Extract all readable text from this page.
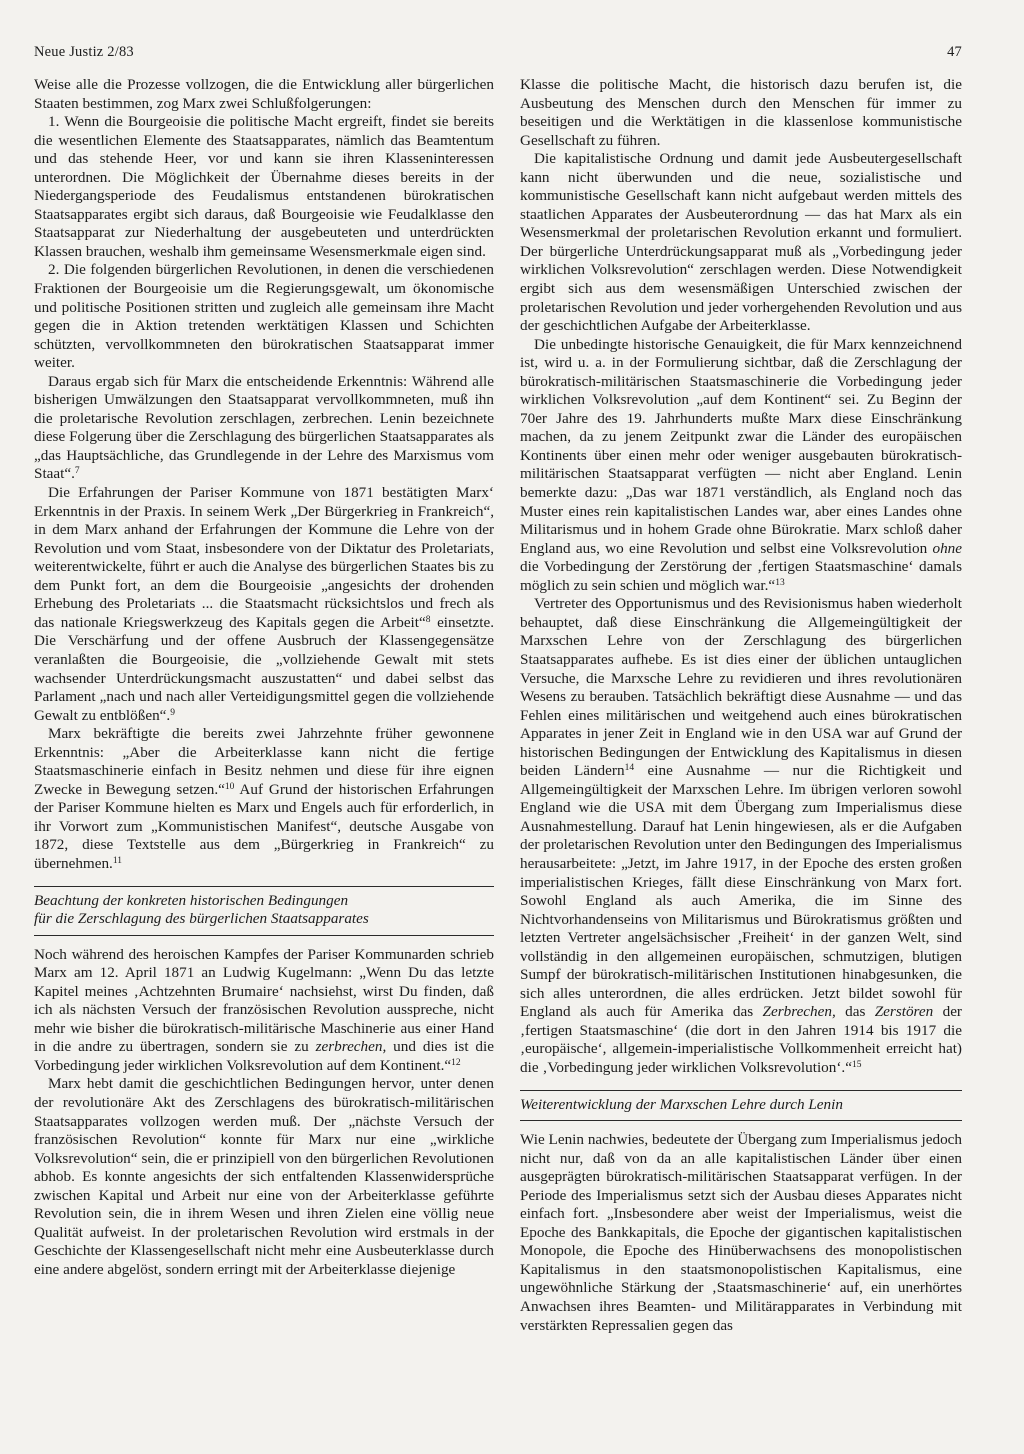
Neue Justiz 2/83	47

Weise alle die Prozesse vollzogen, die die Entwicklung aller bürgerlichen Staaten bestimmen, zog Marx zwei Schlußfolgerungen:

1. Wenn die Bourgeoisie die politische Macht ergreift, findet sie bereits die wesentlichen Elemente des Staatsapparates, nämlich das Beamtentum und das stehende Heer, vor und kann sie ihren Klasseninteressen unterordnen. Die Möglichkeit der Übernahme dieses bereits in der Niedergangsperiode des Feudalismus entstandenen bürokratischen Staatsapparates ergibt sich daraus, daß Bourgeoisie wie Feudalklasse den Staatsapparat zur Niederhaltung der ausgebeuteten und unterdrückten Klassen brauchen, weshalb ihm gemeinsame Wesensmerkmale eigen sind.

2. Die folgenden bürgerlichen Revolutionen, in denen die verschiedenen Fraktionen der Bourgeoisie um die Regierungsgewalt, um ökonomische und politische Positionen stritten und zugleich alle gemeinsam ihre Macht gegen die in Aktion tretenden werktätigen Klassen und Schichten schützten, vervollkommneten den bürokratischen Staatsapparat immer weiter.

Daraus ergab sich für Marx die entscheidende Erkenntnis: Während alle bisherigen Umwälzungen den Staatsapparat vervollkommneten, muß ihn die proletarische Revolution zerschlagen, zerbrechen. Lenin bezeichnete diese Folgerung über die Zerschlagung des bürgerlichen Staatsapparates als „das Hauptsächliche, das Grundlegende in der Lehre des Marxismus vom Staat“.$^7$

Die Erfahrungen der Pariser Kommune von 1871 bestätigten Marx‘ Erkenntnis in der Praxis. In seinem Werk „Der Bürgerkrieg in Frankreich“, in dem Marx anhand der Erfahrungen der Kommune die Lehre von der Revolution und vom Staat, insbesondere von der Diktatur des Proletariats, weiterentwickelte, führt er auch die Analyse des bürgerlichen Staates bis zu dem Punkt fort, an dem die Bourgeoisie „angesichts der drohenden Erhebung des Proletariats ... die Staatsmacht rücksichtslos und frech als das nationale Kriegswerkzeug des Kapitals gegen die Arbeit“$^8$ einsetzte. Die Verschärfung und der offene Ausbruch der Klassengegensätze veranlaßten die Bourgeoisie, die „vollziehende Gewalt mit stets wachsender Unterdrückungsmacht auszustatten“ und dabei selbst das Parlament „nach und nach aller Verteidigungsmittel gegen die vollziehende Gewalt zu entblößen“.$^9$

Marx bekräftigte die bereits zwei Jahrzehnte früher gewonnene Erkenntnis: „Aber die Arbeiterklasse kann nicht die fertige Staatsmaschinerie einfach in Besitz nehmen und diese für ihre eignen Zwecke in Bewegung setzen.“$^{10}$ Auf Grund der historischen Erfahrungen der Pariser Kommune hielten es Marx und Engels auch für erforderlich, in ihr Vorwort zum „Kommunistischen Manifest“, deutsche Ausgabe von 1872, diese Textstelle aus dem „Bürgerkrieg in Frankreich“ zu übernehmen.$^{11}$

Beachtung der konkreten historischen Bedingungen
für die Zerschlagung des bürgerlichen Staatsapparates

Noch während des heroischen Kampfes der Pariser Kommunarden schrieb Marx am 12. April 1871 an Ludwig Kugelmann: „Wenn Du das letzte Kapitel meines ‚Achtzehnten Brumaire‘ nachsiehst, wirst Du finden, daß ich als nächsten Versuch der französischen Revolution ausspreche, nicht mehr wie bisher die bürokratisch-militärische Maschinerie aus einer Hand in die andre zu übertragen, sondern sie zu zerbrechen, und dies ist die Vorbedingung jeder wirklichen Volksrevolution auf dem Kontinent.“$^{12}$

Marx hebt damit die geschichtlichen Bedingungen hervor, unter denen der revolutionäre Akt des Zerschlagens des bürokratisch-militärischen Staatsapparates vollzogen werden muß. Der „nächste Versuch der französischen Revolution“ konnte für Marx nur eine „wirkliche Volksrevolution“ sein, die er prinzipiell von den bürgerlichen Revolutionen abhob. Es konnte angesichts der sich entfaltenden Klassenwidersprüche zwischen Kapital und Arbeit nur eine von der Arbeiterklasse geführte Revolution sein, die in ihrem Wesen und ihren Zielen eine völlig neue Qualität aufweist. In der proletarischen Revolution wird erstmals in der Geschichte der Klassengesellschaft nicht mehr eine Ausbeuterklasse durch eine andere abgelöst, sondern erringt mit der Arbeiterklasse diejenige

Klasse die politische Macht, die historisch dazu berufen ist, die Ausbeutung des Menschen durch den Menschen für immer zu beseitigen und die Werktätigen in die klassenlose kommunistische Gesellschaft zu führen.

Die kapitalistische Ordnung und damit jede Ausbeutergesellschaft kann nicht überwunden und die neue, sozialistische und kommunistische Gesellschaft kann nicht aufgebaut werden mittels des staatlichen Apparates der Ausbeuterordnung — das hat Marx als ein Wesensmerkmal der proletarischen Revolution erkannt und formuliert. Der bürgerliche Unterdrückungsapparat muß als „Vorbedingung jeder wirklichen Volksrevolution“ zerschlagen werden. Diese Notwendigkeit ergibt sich aus dem wesensmäßigen Unterschied zwischen der proletarischen Revolution und jeder vorhergehenden Revolution und aus der geschichtlichen Aufgabe der Arbeiterklasse.

Die unbedingte historische Genauigkeit, die für Marx kennzeichnend ist, wird u. a. in der Formulierung sichtbar, daß die Zerschlagung der bürokratisch-militärischen Staatsmaschinerie die Vorbedingung jeder wirklichen Volksrevolution „auf dem Kontinent“ sei. Zu Beginn der 70er Jahre des 19. Jahrhunderts mußte Marx diese Einschränkung machen, da zu jenem Zeitpunkt zwar die Länder des europäischen Kontinents über einen mehr oder weniger ausgebauten bürokratisch-militärischen Staatsapparat verfügten — nicht aber England. Lenin bemerkte dazu: „Das war 1871 verständlich, als England noch das Muster eines rein kapitalistischen Landes war, aber eines Landes ohne Militarismus und in hohem Grade ohne Bürokratie. Marx schloß daher England aus, wo eine Revolution und selbst eine Volksrevolution ohne die Vorbedingung der Zerstörung der ‚fertigen Staatsmaschine‘ damals möglich zu sein schien und möglich war.“$^{13}$

Vertreter des Opportunismus und des Revisionismus haben wiederholt behauptet, daß diese Einschränkung die Allgemeingültigkeit der Marxschen Lehre von der Zerschlagung des bürgerlichen Staatsapparates aufhebe. Es ist dies einer der üblichen untauglichen Versuche, die Marxsche Lehre zu revidieren und ihres revolutionären Wesens zu berauben. Tatsächlich bekräftigt diese Ausnahme — und das Fehlen eines militärischen und weitgehend auch eines bürokratischen Apparates in jener Zeit in England wie in den USA war auf Grund der historischen Bedingungen der Entwicklung des Kapitalismus in diesen beiden Ländern$^{14}$ eine Ausnahme — nur die Richtigkeit und Allgemeingültigkeit der Marxschen Lehre. Im übrigen verloren sowohl England wie die USA mit dem Übergang zum Imperialismus diese Ausnahmestellung. Darauf hat Lenin hingewiesen, als er die Aufgaben der proletarischen Revolution unter den Bedingungen des Imperialismus herausarbeitete: „Jetzt, im Jahre 1917, in der Epoche des ersten großen imperialistischen Krieges, fällt diese Einschränkung von Marx fort. Sowohl England als auch Amerika, die im Sinne des Nichtvorhandenseins von Militarismus und Bürokratismus größten und letzten Vertreter angelsächsischer ‚Freiheit‘ in der ganzen Welt, sind vollständig in den allgemeinen europäischen, schmutzigen, blutigen Sumpf der bürokratisch-militärischen Institutionen hinabgesunken, die sich alles unterordnen, die alles erdrücken. Jetzt bildet sowohl für England als auch für Amerika das Zerbrechen, das Zerstören der ‚fertigen Staatsmaschine‘ (die dort in den Jahren 1914 bis 1917 die ‚europäische‘, allgemein-imperialistische Vollkommenheit erreicht hat) die ‚Vorbedingung jeder wirklichen Volksrevolution‘.“$^{15}$

Weiterentwicklung der Marxschen Lehre durch Lenin

Wie Lenin nachwies, bedeutete der Übergang zum Imperialismus jedoch nicht nur, daß von da an alle kapitalistischen Länder über einen ausgeprägten bürokratisch-militärischen Staatsapparat verfügen. In der Periode des Imperialismus setzt sich der Ausbau dieses Apparates nicht einfach fort. „Insbesondere aber weist der Imperialismus, weist die Epoche des Bankkapitals, die Epoche der gigantischen kapitalistischen Monopole, die Epoche des Hinüberwachsens des monopolistischen Kapitalismus in den staatsmonopolistischen Kapitalismus, eine ungewöhnliche Stärkung der ‚Staatsmaschinerie‘ auf, ein unerhörtes Anwachsen ihres Beamten- und Militärapparates in Verbindung mit verstärkten Repressalien gegen das
